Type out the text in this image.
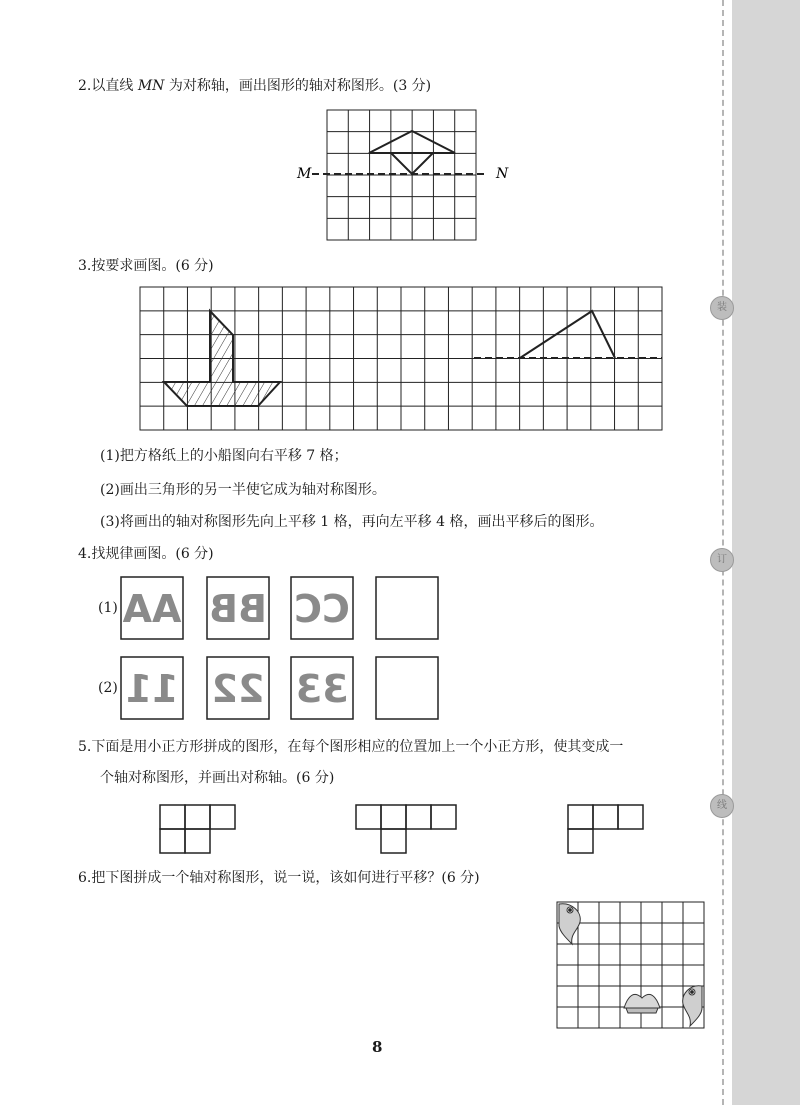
装
订
线
2.以直线 MN 为对称轴，画出图形的轴对称图形。(3 分)
M	N
AA BB CC
11 22 33
3.按要求画图。(6 分)
(1)把方格纸上的小船图向右平移 7 格；
(2)画出三角形的另一半使它成为轴对称图形。
(3)将画出的轴对称图形先向上平移 1 格，再向左平移 4 格，画出平移后的图形。
4.找规律画图。(6 分)
(1)
(2)
5.下面是用小正方形拼成的图形，在每个图形相应的位置加上一个小正方形，使其变成一
个轴对称图形，并画出对称轴。(6 分)
6.把下图拼成一个轴对称图形，说一说，该如何进行平移？(6 分)
8
